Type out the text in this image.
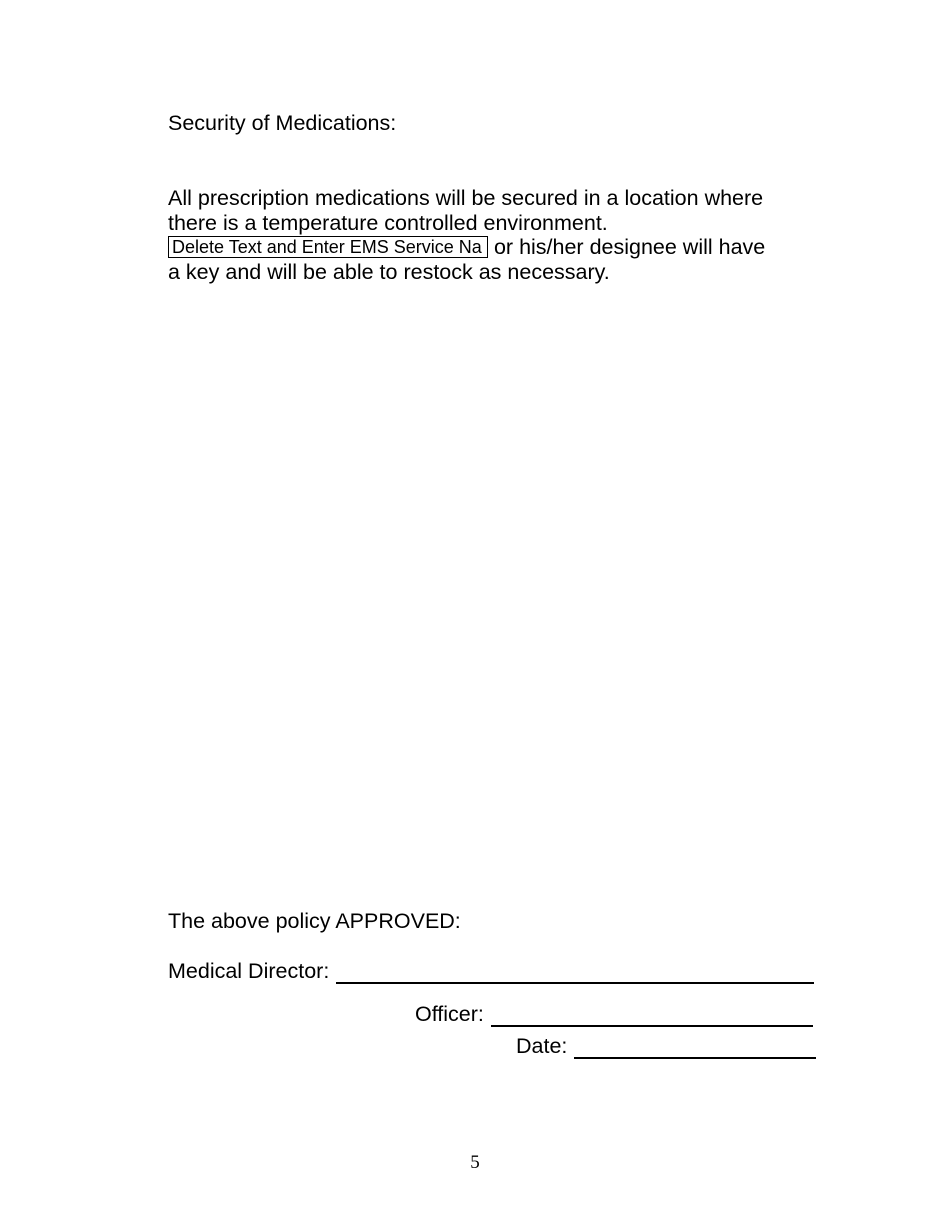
Security of Medications:
All prescription medications will be secured in a location where
there is a temperature controlled environment.
Delete Text and Enter EMS Service Na or his/her designee will have
a key and will be able to restock as necessary.
The above policy APPROVED:
Medical Director:
Officer:
Date:
5
